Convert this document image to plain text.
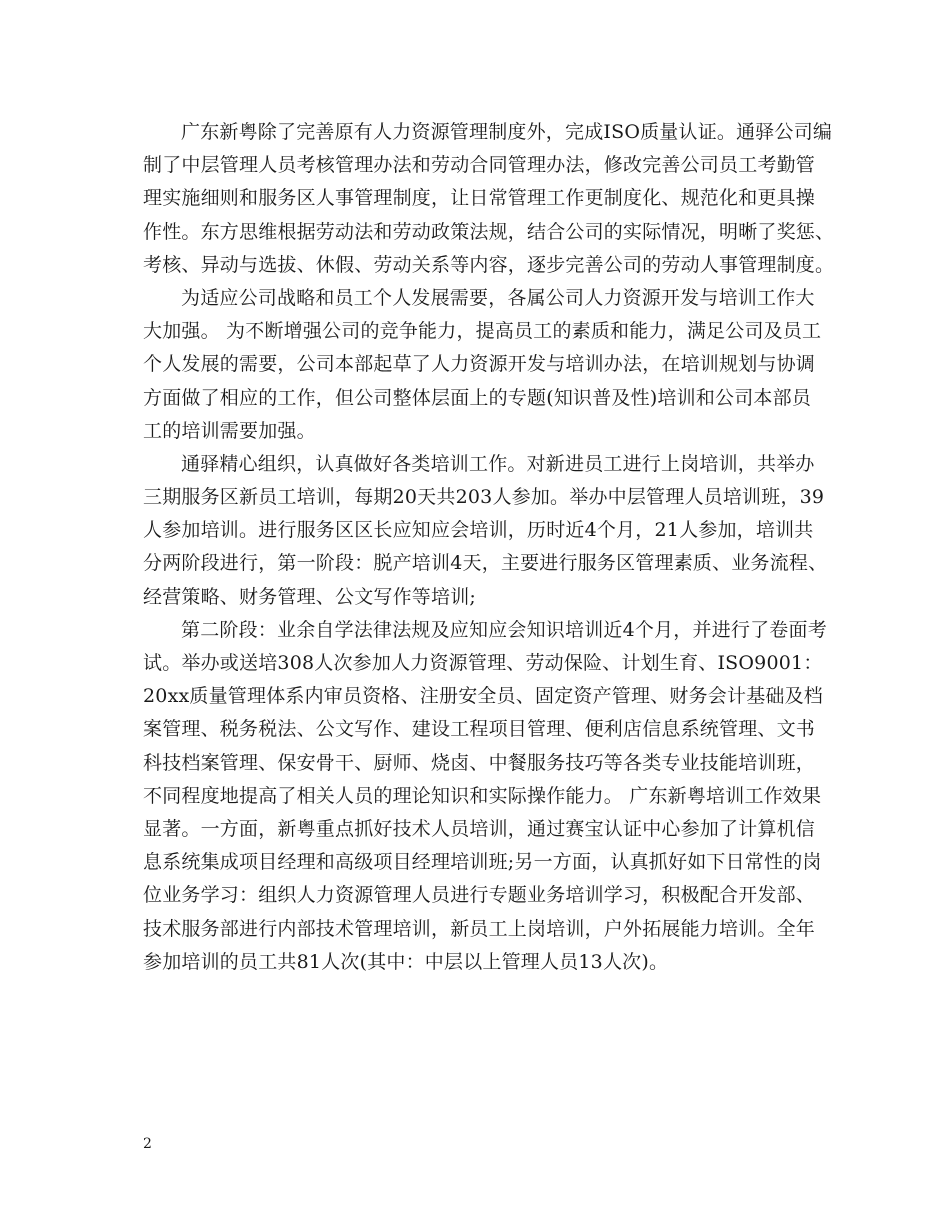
广东新粤除了完善原有人力资源管理制度外，完成ISO质量认证。通驿公司编
制了中层管理人员考核管理办法和劳动合同管理办法，修改完善公司员工考勤管
理实施细则和服务区人事管理制度，让日常管理工作更制度化、规范化和更具操
作性。东方思维根据劳动法和劳动政策法规，结合公司的实际情况，明晰了奖惩、
考核、异动与选拔、休假、劳动关系等内容，逐步完善公司的劳动人事管理制度。
为适应公司战略和员工个人发展需要，各属公司人力资源开发与培训工作大
大加强。 为不断增强公司的竞争能力，提高员工的素质和能力，满足公司及员工
个人发展的需要，公司本部起草了人力资源开发与培训办法，在培训规划与协调
方面做了相应的工作，但公司整体层面上的专题(知识普及性)培训和公司本部员
工的培训需要加强。
通驿精心组织，认真做好各类培训工作。对新进员工进行上岗培训，共举办
三期服务区新员工培训，每期20天共203人参加。举办中层管理人员培训班，39
人参加培训。进行服务区区长应知应会培训，历时近4个月，21人参加，培训共
分两阶段进行，第一阶段：脱产培训4天，主要进行服务区管理素质、业务流程、
经营策略、财务管理、公文写作等培训;
第二阶段：业余自学法律法规及应知应会知识培训近4个月，并进行了卷面考
试。举办或送培308人次参加人力资源管理、劳动保险、计划生育、ISO9001：
20xx质量管理体系内审员资格、注册安全员、固定资产管理、财务会计基础及档
案管理、税务税法、公文写作、建设工程项目管理、便利店信息系统管理、文书
科技档案管理、保安骨干、厨师、烧卤、中餐服务技巧等各类专业技能培训班，
不同程度地提高了相关人员的理论知识和实际操作能力。 广东新粤培训工作效果
显著。一方面，新粤重点抓好技术人员培训，通过赛宝认证中心参加了计算机信
息系统集成项目经理和高级项目经理培训班;另一方面，认真抓好如下日常性的岗
位业务学习：组织人力资源管理人员进行专题业务培训学习，积极配合开发部、
技术服务部进行内部技术管理培训，新员工上岗培训，户外拓展能力培训。全年
参加培训的员工共81人次(其中：中层以上管理人员13人次)。
2
